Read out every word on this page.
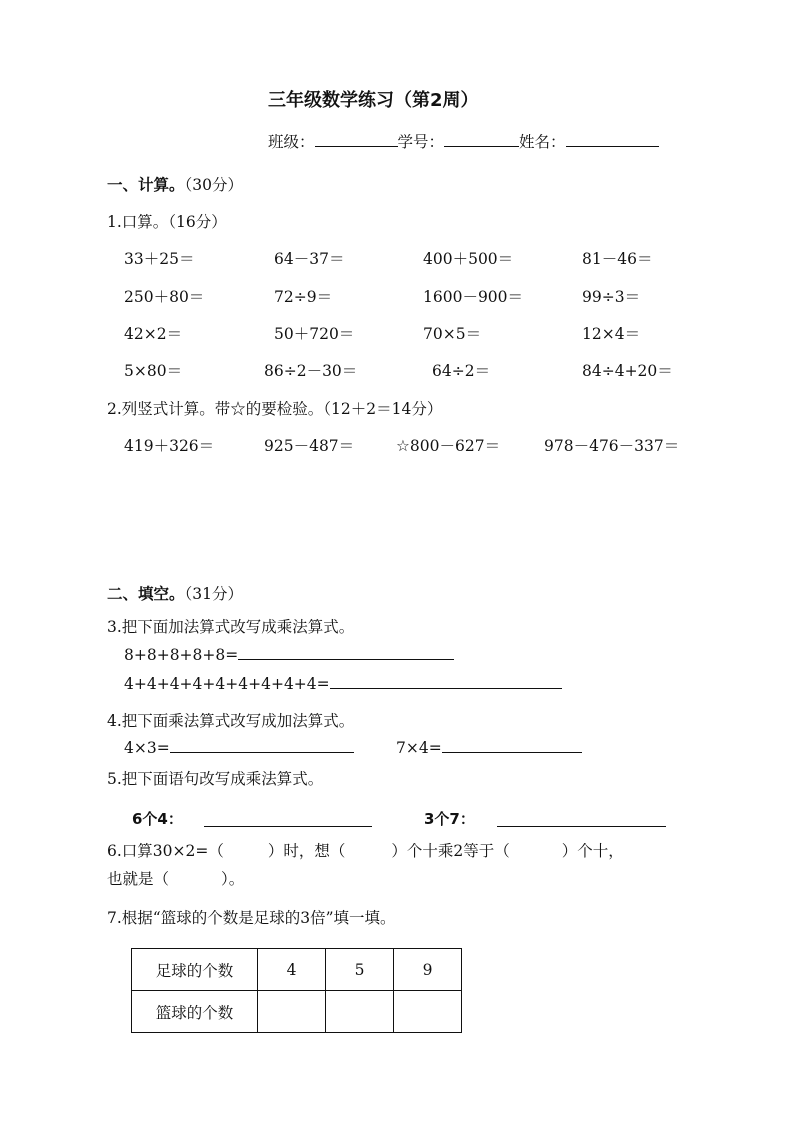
三年级数学练习（第2周）
班级：	学号：	姓名：
一、计算。（30分）
1.口算。（16分）
33＋25＝	64－37＝	400＋500＝	81－46＝
250＋80＝	72÷9＝	1600－900＝	99÷3＝
42×2＝	50＋720＝	70×5＝	12×4＝
5×80＝	86÷2－30＝	64÷2＝	84÷4+20＝
2.列竖式计算。带☆的要检验。（12＋2＝14分）
419＋326＝	925－487＝	☆800－627＝	978－476－337＝
二、填空。（31分）
3.把下面加法算式改写成乘法算式。
8+8+8+8+8=
4+4+4+4+4+4+4+4+4=
4.把下面乘法算式改写成加法算式。
4×3=	7×4=
5.把下面语句改写成乘法算式。
6个4：	3个7：
6.口算30×2=（	）时，想（	）个十乘2等于（	）个十，
也就是（	）。
7.根据“篮球的个数是足球的3倍”填一填。
足球的个数	4	5	9
篮球的个数			
